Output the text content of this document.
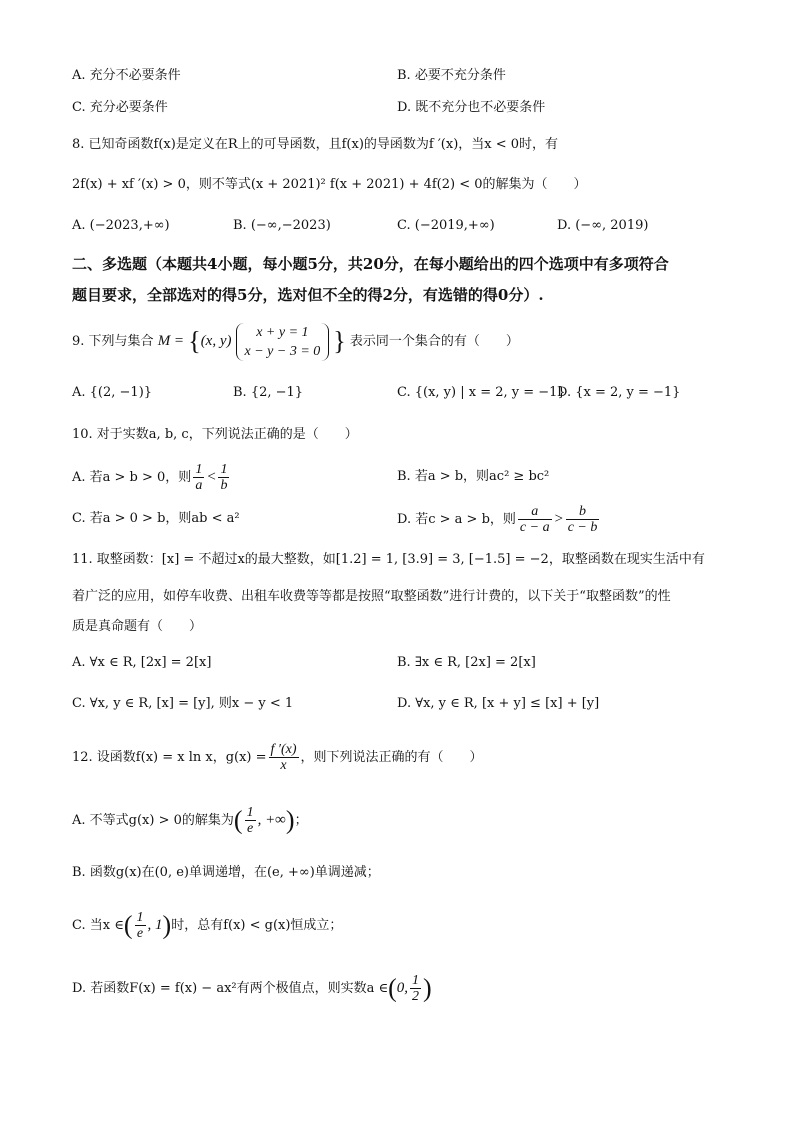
A. 充分不必要条件	B. 必要不充分条件
C. 充分必要条件	D. 既不充分也不必要条件
8. 已知奇函数f(x)是定义在R上的可导函数，且f(x)的导函数为f ′(x)，当x < 0时，有
2f(x) + xf ′(x) > 0，则不等式(x + 2021)² f(x + 2021) + 4f(2) < 0的解集为（　　）
A. (−2023,+∞)	B. (−∞,−2023)	C. (−2019,+∞)	D. (−∞, 2019)
二、多选题（本题共4小题，每小题5分，共20分，在每小题给出的四个选项中有多项符合
题目要求，全部选对的得5分，选对但不全的得2分，有选错的得0分）.
9. 下列与集合 M = {(x, y)
x + y = 1
x − y − 3 = 0 } 表示同一个集合的有（　　）
A. {(2, −1)}	B. {2, −1}	C. {(x, y) | x = 2, y = −1}
D. {x = 2, y = −1}
10. 对于实数a, b, c，下列说法正确的是（　　）
A. 若a > b > 0，则 $\frac{1}{a} < \frac{1}{b}$	B. 若a > b，则ac² ≥ bc²
C. 若a > 0 > b，则ab < a²	D. 若c > a > b，则 $\frac{a}{c - a} > \frac{b}{c - b}$
11. 取整函数：[x] = 不超过x的最大整数，如[1.2] = 1, [3.9] = 3, [−1.5] = −2，取整函数在现实生活中有
着广泛的应用，如停车收费、出租车收费等等都是按照“取整函数”进行计费的，以下关于“取整函数”的性
质是真命题有（　　）
A. ∀x ∈ R, [2x] = 2[x]	B. ∃x ∈ R, [2x] = 2[x]
C. ∀x, y ∈ R, [x] = [y], 则x − y < 1	D. ∀x, y ∈ R, [x + y] ≤ [x] + [y]
12. 设函数f(x) = x ln x，$g(x) = \frac{f '(x)}{x}$ ，则下列说法正确的有（　　）
A. 不等式g(x) > 0的解集为( $\frac{1}{e}$ , +∞)；
B. 函数g(x)在(0, e)单调递增，在(e, +∞)单调递减；
C. 当x ∈( $\frac{1}{e}$ , 1)时，总有f(x) < g(x)恒成立；
D. 若函数F(x) = f(x) − ax²有两个极值点，则实数a ∈(0, $\frac{1}{2}$ )
